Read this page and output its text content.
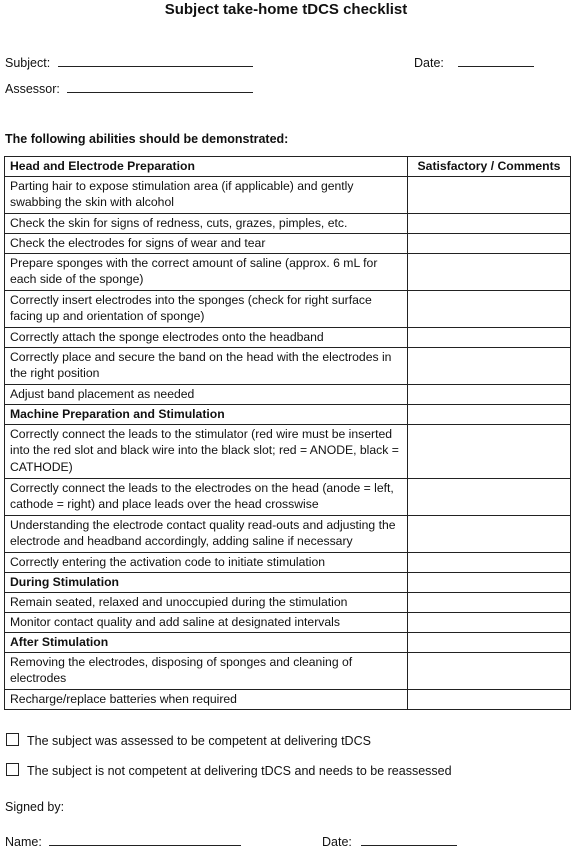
Subject take-home tDCS checklist
Subject:	Date:
Assessor:
The following abilities should be demonstrated:
Head and Electrode Preparation	Satisfactory / Comments
Parting hair to expose stimulation area (if applicable) and gently swabbing the skin with alcohol	
Check the skin for signs of redness, cuts, grazes, pimples, etc.	
Check the electrodes for signs of wear and tear	
Prepare sponges with the correct amount of saline (approx. 6 mL for each side of the sponge)	
Correctly insert electrodes into the sponges (check for right surface facing up and orientation of sponge)	
Correctly attach the sponge electrodes onto the headband	
Correctly place and secure the band on the head with the electrodes in the right position	
Adjust band placement as needed	
Machine Preparation and Stimulation	
Correctly connect the leads to the stimulator (red wire must be inserted into the red slot and black wire into the black slot; red = ANODE, black = CATHODE)	
Correctly connect the leads to the electrodes on the head (anode = left, cathode = right) and place leads over the head crosswise	
Understanding the electrode contact quality read-outs and adjusting the electrode and headband accordingly, adding saline if necessary	
Correctly entering the activation code to initiate stimulation	
During Stimulation	
Remain seated, relaxed and unoccupied during the stimulation	
Monitor contact quality and add saline at designated intervals	
After Stimulation	
Removing the electrodes, disposing of sponges and cleaning of electrodes	
Recharge/replace batteries when required	
The subject was assessed to be competent at delivering tDCS
The subject is not competent at delivering tDCS and needs to be reassessed
Signed by:
Name:	Date:
